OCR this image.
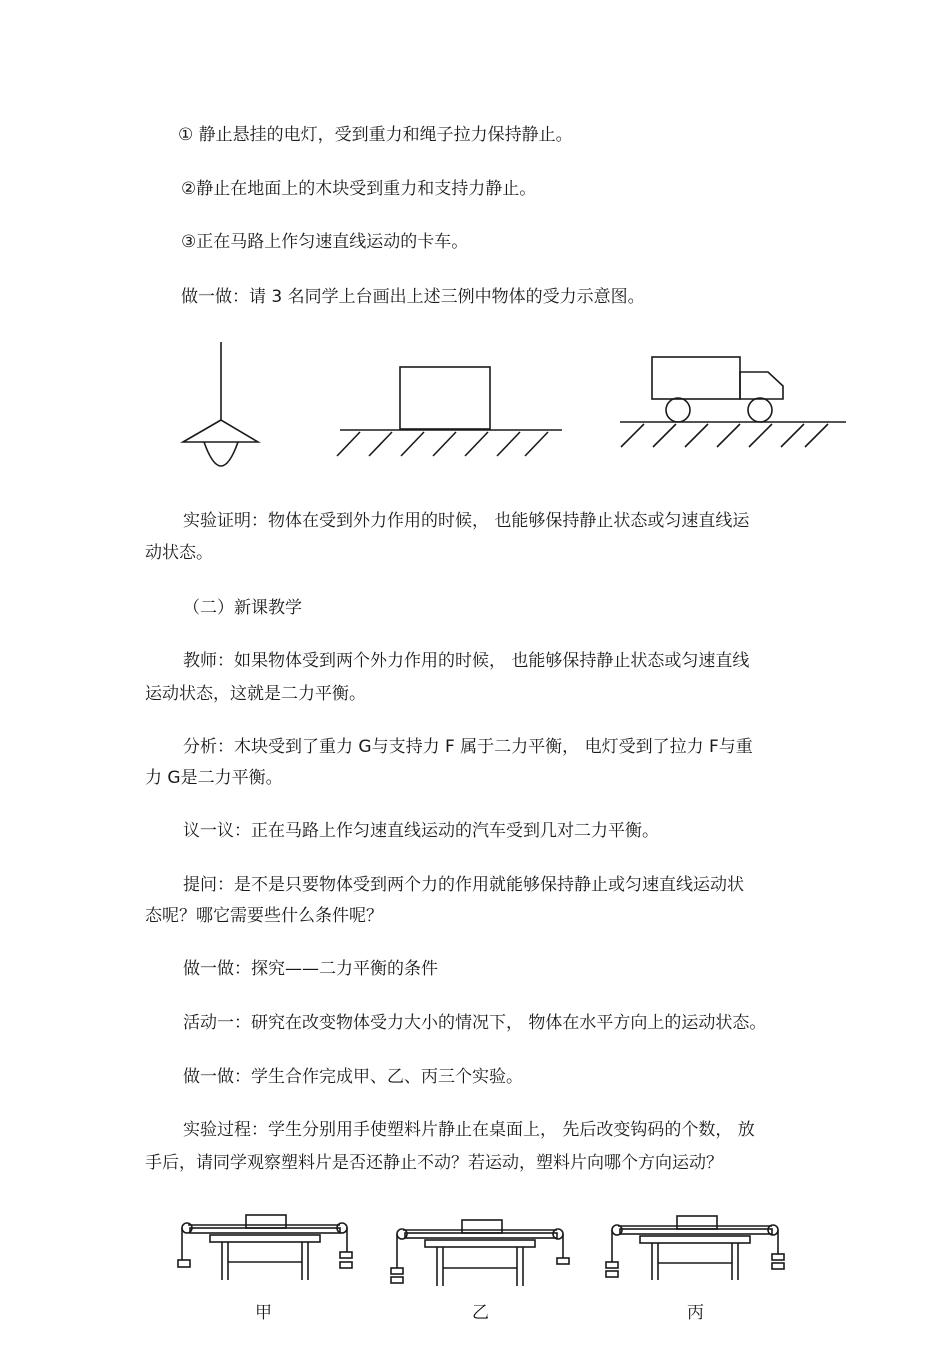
① 静止悬挂的电灯，受到重力和绳子拉力保持静止。
②静止在地面上的木块受到重力和支持力静止。
③正在马路上作匀速直线运动的卡车。
做一做：请 3 名同学上台画出上述三例中物体的受力示意图。
实验证明：物体在受到外力作用的时候， 也能够保持静止状态或匀速直线运
动状态。
（二）新课教学
教师：如果物体受到两个外力作用的时候， 也能够保持静止状态或匀速直线
运动状态，这就是二力平衡。
分析：木块受到了重力 G与支持力 F 属于二力平衡， 电灯受到了拉力 F与重
力 G是二力平衡。
议一议：正在马路上作匀速直线运动的汽车受到几对二力平衡。
提问：是不是只要物体受到两个力的作用就能够保持静止或匀速直线运动状
态呢？哪它需要些什么条件呢？
做一做：探究——二力平衡的条件
活动一：研究在改变物体受力大小的情况下， 物体在水平方向上的运动状态。
做一做：学生合作完成甲、乙、丙三个实验。
实验过程：学生分别用手使塑料片静止在桌面上， 先后改变钩码的个数， 放
手后，请同学观察塑料片是否还静止不动？若运动，塑料片向哪个方向运动？
甲	乙	丙
